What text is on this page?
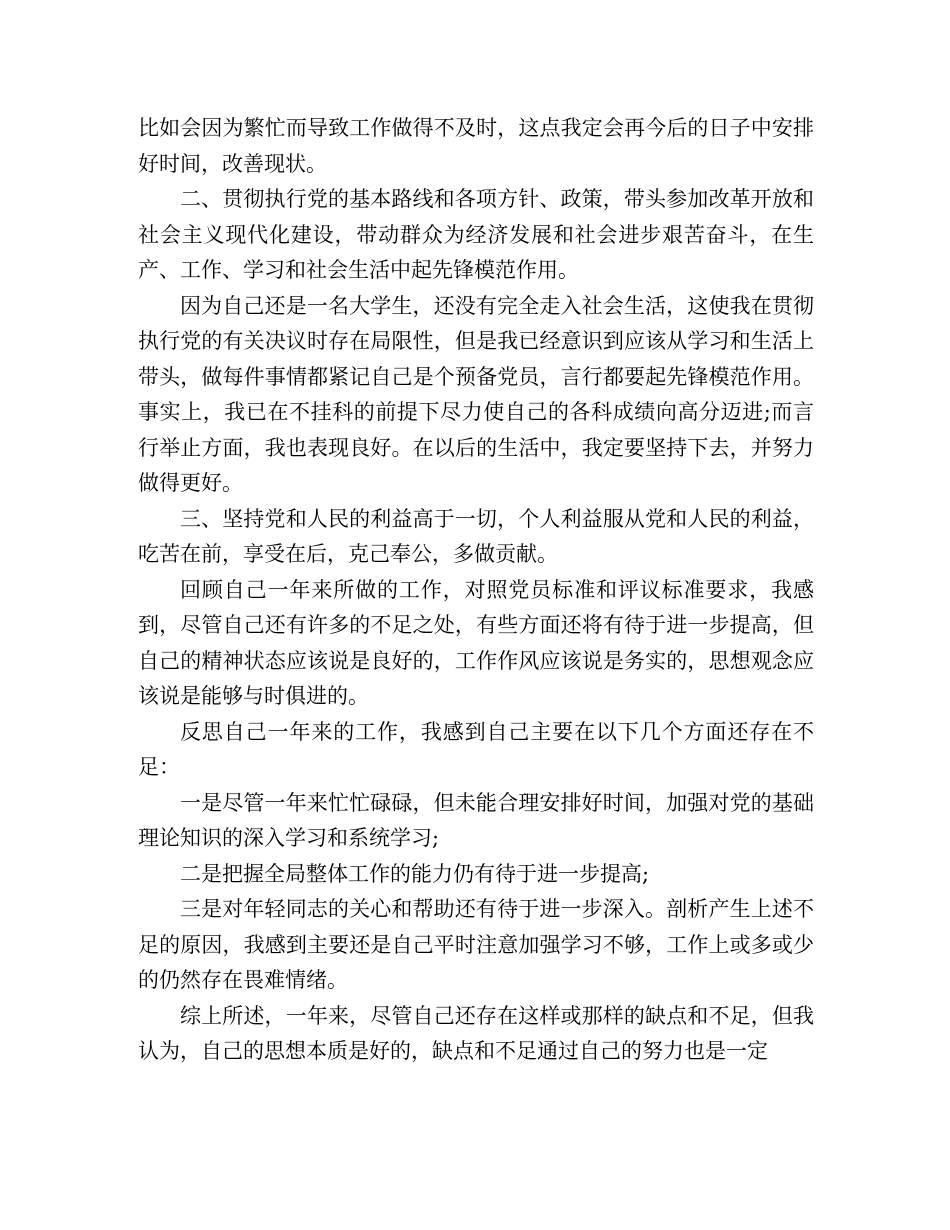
比如会因为繁忙而导致工作做得不及时，这点我定会再今后的日子中安排好时间，改善现状。

二、贯彻执行党的基本路线和各项方针、政策，带头参加改革开放和社会主义现代化建设，带动群众为经济发展和社会进步艰苦奋斗，在生产、工作、学习和社会生活中起先锋模范作用。

因为自己还是一名大学生，还没有完全走入社会生活，这使我在贯彻执行党的有关决议时存在局限性，但是我已经意识到应该从学习和生活上带头，做每件事情都紧记自己是个预备党员，言行都要起先锋模范作用。事实上，我已在不挂科的前提下尽力使自己的各科成绩向高分迈进;而言行举止方面，我也表现良好。在以后的生活中，我定要坚持下去，并努力做得更好。

三、坚持党和人民的利益高于一切，个人利益服从党和人民的利益，吃苦在前，享受在后，克己奉公，多做贡献。

回顾自己一年来所做的工作，对照党员标准和评议标准要求，我感到，尽管自己还有许多的不足之处，有些方面还将有待于进一步提高，但自己的精神状态应该说是良好的，工作作风应该说是务实的，思想观念应该说是能够与时俱进的。

反思自己一年来的工作，我感到自己主要在以下几个方面还存在不足：

一是尽管一年来忙忙碌碌，但未能合理安排好时间，加强对党的基础理论知识的深入学习和系统学习;

二是把握全局整体工作的能力仍有待于进一步提高;

三是对年轻同志的关心和帮助还有待于进一步深入。剖析产生上述不足的原因，我感到主要还是自己平时注意加强学习不够，工作上或多或少的仍然存在畏难情绪。

综上所述，一年来，尽管自己还存在这样或那样的缺点和不足，但我认为，自己的思想本质是好的，缺点和不足通过自己的努力也是一定
